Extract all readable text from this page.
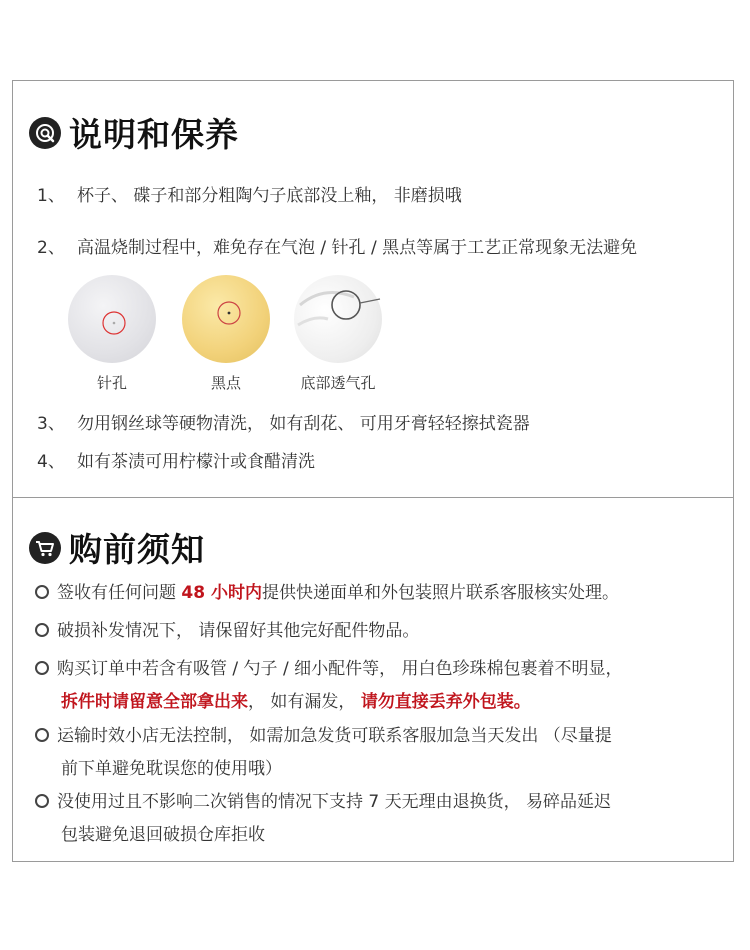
说明和保养
1、 杯子、 碟子和部分粗陶勺子底部没上釉， 非磨损哦
2、 高温烧制过程中，难免存在气泡 / 针孔 / 黑点等属于工艺正常现象无法避免
针孔	黑点	底部透气孔
3、 勿用钢丝球等硬物清洗， 如有刮花、 可用牙膏轻轻擦拭瓷器
4、 如有茶渍可用柠檬汁或食醋清洗
购前须知
签收有任何问题 48 小时内提供快递面单和外包装照片联系客服核实处理。
破损补发情况下， 请保留好其他完好配件物品。
购买订单中若含有吸管 / 勺子 / 细小配件等， 用白色珍珠棉包裹着不明显，
拆件时请留意全部拿出来， 如有漏发， 请勿直接丢弃外包装。
运输时效小店无法控制， 如需加急发货可联系客服加急当天发出 （尽量提
前下单避免耽误您的使用哦）
没使用过且不影响二次销售的情况下支持 7 天无理由退换货， 易碎品延迟
包装避免退回破损仓库拒收
